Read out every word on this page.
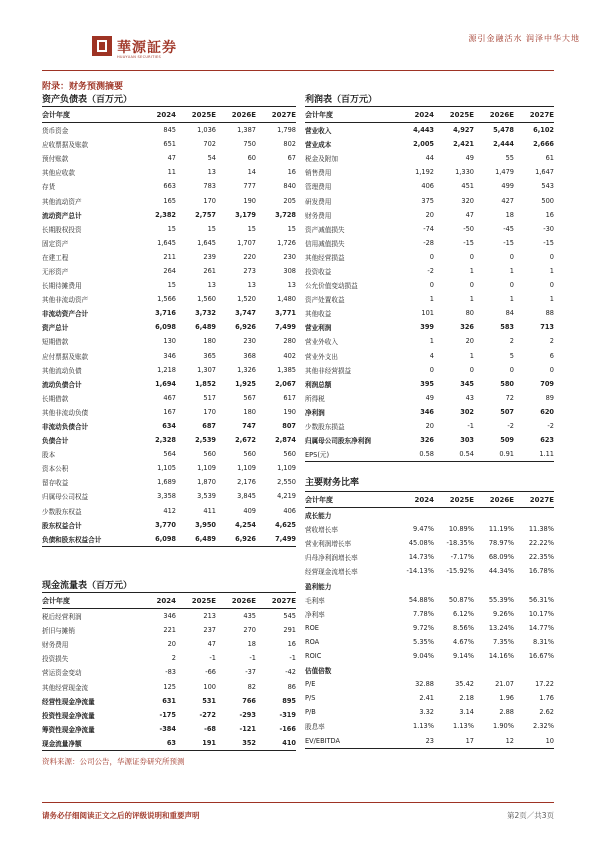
華源証券
HUAYUAN SECURITIES
源引金融活水 润泽中华大地
附录：财务预测摘要
资产负债表（百万元）
会计年度	2024	2025E	2026E	2027E
货币资金	845	1,036	1,387	1,798
应收票据及账款	651	702	750	802
预付账款	47	54	60	67
其他应收款	11	13	14	16
存货	663	783	777	840
其他流动资产	165	170	190	205
流动资产总计	2,382	2,757	3,179	3,728
长期股权投资	15	15	15	15
固定资产	1,645	1,645	1,707	1,726
在建工程	211	239	220	230
无形资产	264	261	273	308
长期待摊费用	15	13	13	13
其他非流动资产	1,566	1,560	1,520	1,480
非流动资产合计	3,716	3,732	3,747	3,771
资产总计	6,098	6,489	6,926	7,499
短期借款	130	180	230	280
应付票据及账款	346	365	368	402
其他流动负债	1,218	1,307	1,326	1,385
流动负债合计	1,694	1,852	1,925	2,067
长期借款	467	517	567	617
其他非流动负债	167	170	180	190
非流动负债合计	634	687	747	807
负债合计	2,328	2,539	2,672	2,874
股本	564	560	560	560
资本公积	1,105	1,109	1,109	1,109
留存收益	1,689	1,870	2,176	2,550
归属母公司权益	3,358	3,539	3,845	4,219
少数股东权益	412	411	409	406
股东权益合计	3,770	3,950	4,254	4,625
负债和股东权益合计	6,098	6,489	6,926	7,499
利润表（百万元）
会计年度	2024	2025E	2026E	2027E
营业收入	4,443	4,927	5,478	6,102
营业成本	2,005	2,421	2,444	2,666
税金及附加	44	49	55	61
销售费用	1,192	1,330	1,479	1,647
管理费用	406	451	499	543
研发费用	375	320	427	500
财务费用	20	47	18	16
资产减值损失	-74	-50	-45	-30
信用减值损失	-28	-15	-15	-15
其他经营损益	0	0	0	0
投资收益	-2	1	1	1
公允价值变动损益	0	0	0	0
资产处置收益	1	1	1	1
其他收益	101	80	84	88
营业利润	399	326	583	713
营业外收入	1	20	2	2
营业外支出	4	1	5	6
其他非经营损益	0	0	0	0
利润总额	395	345	580	709
所得税	49	43	72	89
净利润	346	302	507	620
少数股东损益	20	-1	-2	-2
归属母公司股东净利润	326	303	509	623
EPS(元)	0.58	0.54	0.91	1.11
主要财务比率
会计年度	2024	2025E	2026E	2027E
成长能力				
营收增长率	9.47%	10.89%	11.19%	11.38%
营业利润增长率	45.08%	-18.35%	78.97%	22.22%
归母净利润增长率	14.73%	-7.17%	68.09%	22.35%
经营现金流增长率	-14.13%	-15.92%	44.34%	16.78%
盈利能力				
毛利率	54.88%	50.87%	55.39%	56.31%
净利率	7.78%	6.12%	9.26%	10.17%
ROE	9.72%	8.56%	13.24%	14.77%
ROA	5.35%	4.67%	7.35%	8.31%
ROIC	9.04%	9.14%	14.16%	16.67%
估值倍数				
P/E	32.88	35.42	21.07	17.22
P/S	2.41	2.18	1.96	1.76
P/B	3.32	3.14	2.88	2.62
股息率	1.13%	1.13%	1.90%	2.32%
EV/EBITDA	23	17	12	10
现金流量表（百万元）
会计年度	2024	2025E	2026E	2027E
税后经营利润	346	213	435	545
折旧与摊销	221	237	270	291
财务费用	20	47	18	16
投资损失	2	-1	-1	-1
营运资金变动	-83	-66	-37	-42
其他经营现金流	125	100	82	86
经营性现金净流量	631	531	766	895
投资性现金净流量	-175	-272	-293	-319
筹资性现金净流量	-384	-68	-121	-166
现金流量净额	63	191	352	410
资料来源：公司公告，华源证券研究所预测
请务必仔细阅读正文之后的评级说明和重要声明	第2页／共3页
